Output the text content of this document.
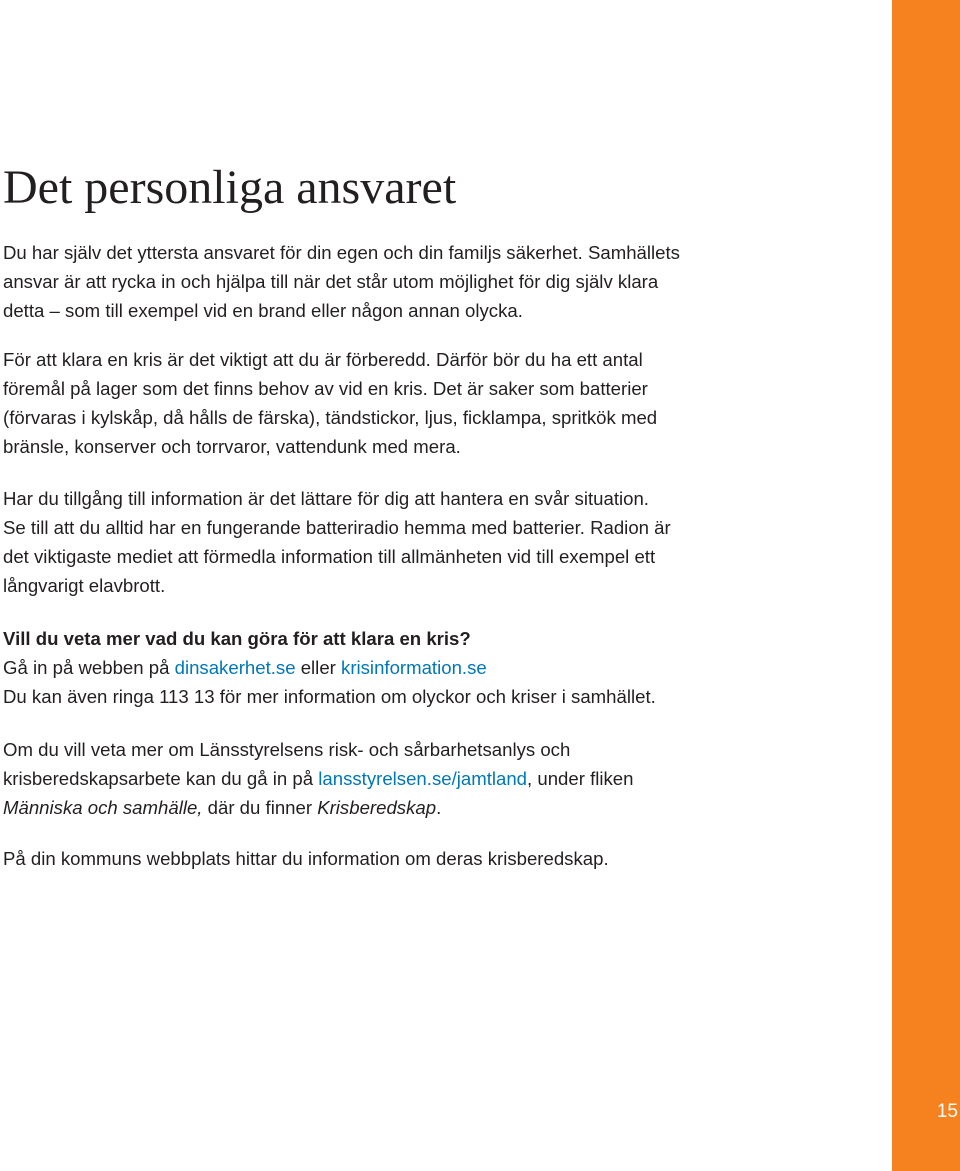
15
Det personliga ansvaret

Du har själv det yttersta ansvaret för din egen och din familjs säkerhet. Samhällets
ansvar är att rycka in och hjälpa till när det står utom möjlighet för dig själv klara
detta – som till exempel vid en brand eller någon annan olycka.

För att klara en kris är det viktigt att du är förberedd. Därför bör du ha ett antal
föremål på lager som det finns behov av vid en kris. Det är saker som batterier
(förvaras i kylskåp, då hålls de färska), tändstickor, ljus, ficklampa, spritkök med
bränsle, konserver och torrvaror, vattendunk med mera.

Har du tillgång till information är det lättare för dig att hantera en svår situation.
Se till att du alltid har en fungerande batteriradio hemma med batterier. Radion är
det viktigaste mediet att förmedla information till allmänheten vid till exempel ett
långvarigt elavbrott.

Vill du veta mer vad du kan göra för att klara en kris?
Gå in på webben på dinsakerhet.se eller krisinformation.se
Du kan även ringa 113 13 för mer information om olyckor och kriser i samhället.

Om du vill veta mer om Länsstyrelsens risk- och sårbarhetsanlys och
krisberedskapsarbete kan du gå in på lansstyrelsen.se/jamtland, under fliken
Människa och samhälle, där du finner Krisberedskap.

På din kommuns webbplats hittar du information om deras krisberedskap.
